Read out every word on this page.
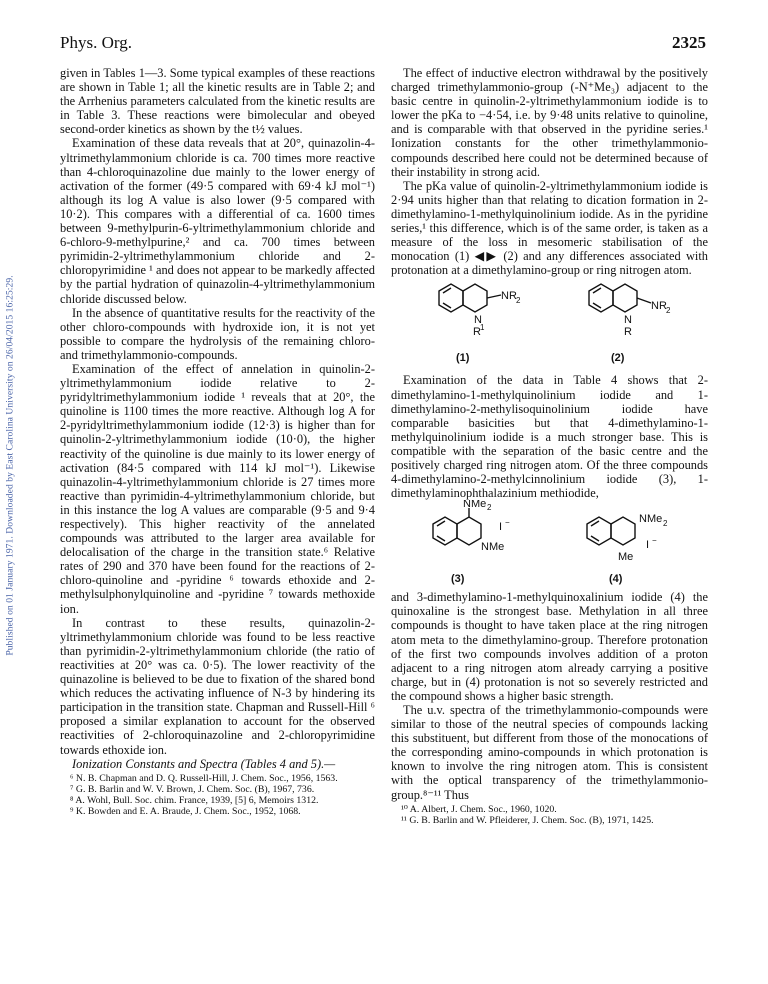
Published on 01 January 1971. Downloaded by East Carolina University on 26/04/2015 16:25:29.
Phys. Org.	2325

given in Tables 1—3. Some typical examples of these reactions are shown in Table 1; all the kinetic results are in Table 2; and the Arrhenius parameters calculated from the kinetic results are in Table 3. These reactions were bimolecular and obeyed second-order kinetics as shown by the t½ values.

Examination of these data reveals that at 20°, quinazolin-4-yltrimethylammonium chloride is ca. 700 times more reactive than 4-chloroquinazoline due mainly to the lower energy of activation of the former (49·5 compared with 69·4 kJ mol⁻¹) although its log A value is also lower (9·5 compared with 10·2). This compares with a differential of ca. 1600 times between 9-methylpurin-6-yltrimethylammonium chloride and 6-chloro-9-methylpurine,² and ca. 700 times between pyrimidin-2-yltrimethylammonium chloride and 2-chloropyrimidine ¹ and does not appear to be markedly affected by the partial hydration of quinazolin-4-yltrimethylammonium chloride discussed below.

In the absence of quantitative results for the reactivity of the other chloro-compounds with hydroxide ion, it is not yet possible to compare the hydrolysis of the remaining chloro- and trimethylammonio-compounds.

Examination of the effect of annelation in quinolin-2-yltrimethylammonium iodide relative to 2-pyridyltrimethylammonium iodide ¹ reveals that at 20°, the quinoline is 1100 times the more reactive. Although log A for 2-pyridyltrimethylammonium iodide (12·3) is higher than for quinolin-2-yltrimethylammonium iodide (10·0), the higher reactivity of the quinoline is due mainly to its lower energy of activation (84·5 compared with 114 kJ mol⁻¹). Likewise quinazolin-4-yltrimethylammonium chloride is 27 times more reactive than pyrimidin-4-yltrimethylammonium chloride, but in this instance the log A values are comparable (9·5 and 9·4 respectively). This higher reactivity of the annelated compounds was attributed to the larger area available for delocalisation of the charge in the transition state.⁶ Relative rates of 290 and 370 have been found for the reactions of 2-chloro-quinoline and -pyridine ⁶ towards ethoxide and 2-methylsulphonylquinoline and -pyridine ⁷ towards methoxide ion.

In contrast to these results, quinazolin-2-yltrimethylammonium chloride was found to be less reactive than pyrimidin-2-yltrimethylammonium chloride (the ratio of reactivities at 20° was ca. 0·5). The lower reactivity of the quinazoline is believed to be due to fixation of the shared bond which reduces the activating influence of N-3 by hindering its participation in the transition state. Chapman and Russell-Hill ⁶ proposed a similar explanation to account for the observed reactivities of 2-chloroquinazoline and 2-chloropyrimidine towards ethoxide ion.

Ionization Constants and Spectra (Tables 4 and 5).—

⁶ N. B. Chapman and D. Q. Russell-Hill, J. Chem. Soc., 1956, 1563.

⁷ G. B. Barlin and W. V. Brown, J. Chem. Soc. (B), 1967, 736.

⁸ A. Wohl, Bull. Soc. chim. France, 1939, [5] 6, Memoirs 1312.

⁹ K. Bowden and E. A. Braude, J. Chem. Soc., 1952, 1068.

The effect of inductive electron withdrawal by the positively charged trimethylammonio-group (-N⁺Me₃) adjacent to the basic centre in quinolin-2-yltrimethylammonium iodide is to lower the pKa to −4·54, i.e. by 9·48 units relative to quinoline, and is comparable with that observed in the pyridine series.¹ Ionization constants for the other trimethylammonio-compounds described here could not be determined because of their instability in strong acid.

The pKa value of quinolin-2-yltrimethylammonium iodide is 2·94 units higher than that relating to dication formation in 2-dimethylamino-1-methylquinolinium iodide. As in the pyridine series,¹ this difference, which is of the same order, is taken as a measure of the loss in mesomeric stabilisation of the monocation (1) ◀▶ (2) and any differences associated with protonation at a dimethylamino-group or ring nitrogen atom.

N
NR 2
R 1
N
NR 2
R
(1)	(2)

Examination of the data in Table 4 shows that 2-dimethylamino-1-methylquinolinium iodide and 1-dimethylamino-2-methylisoquinolinium iodide have comparable basicities but that 4-dimethylamino-1-methylquinolinium iodide is a much stronger base. This is compatible with the separation of the basic centre and the positively charged ring nitrogen atom. Of the three compounds 4-dimethylamino-2-methylcinnolinium iodide (3), 1-dimethylaminophthalazinium methiodide,

NMe 2
I −
NMe
NMe 2
I −
Me
(3)	(4)

and 3-dimethylamino-1-methylquinoxalinium iodide (4) the quinoxaline is the strongest base. Methylation in all three compounds is thought to have taken place at the ring nitrogen atom meta to the dimethylamino-group. Therefore protonation of the first two compounds involves addition of a proton adjacent to a ring nitrogen atom already carrying a positive charge, but in (4) protonation is not so severely restricted and the compound shows a higher basic strength.

The u.v. spectra of the trimethylammonio-compounds were similar to those of the neutral species of compounds lacking this substituent, but different from those of the monocations of the corresponding amino-compounds in which protonation is known to involve the ring nitrogen atom. This is consistent with the optical transparency of the trimethylammonio-group.⁸⁻¹¹ Thus

¹⁰ A. Albert, J. Chem. Soc., 1960, 1020.

¹¹ G. B. Barlin and W. Pfleiderer, J. Chem. Soc. (B), 1971, 1425.
